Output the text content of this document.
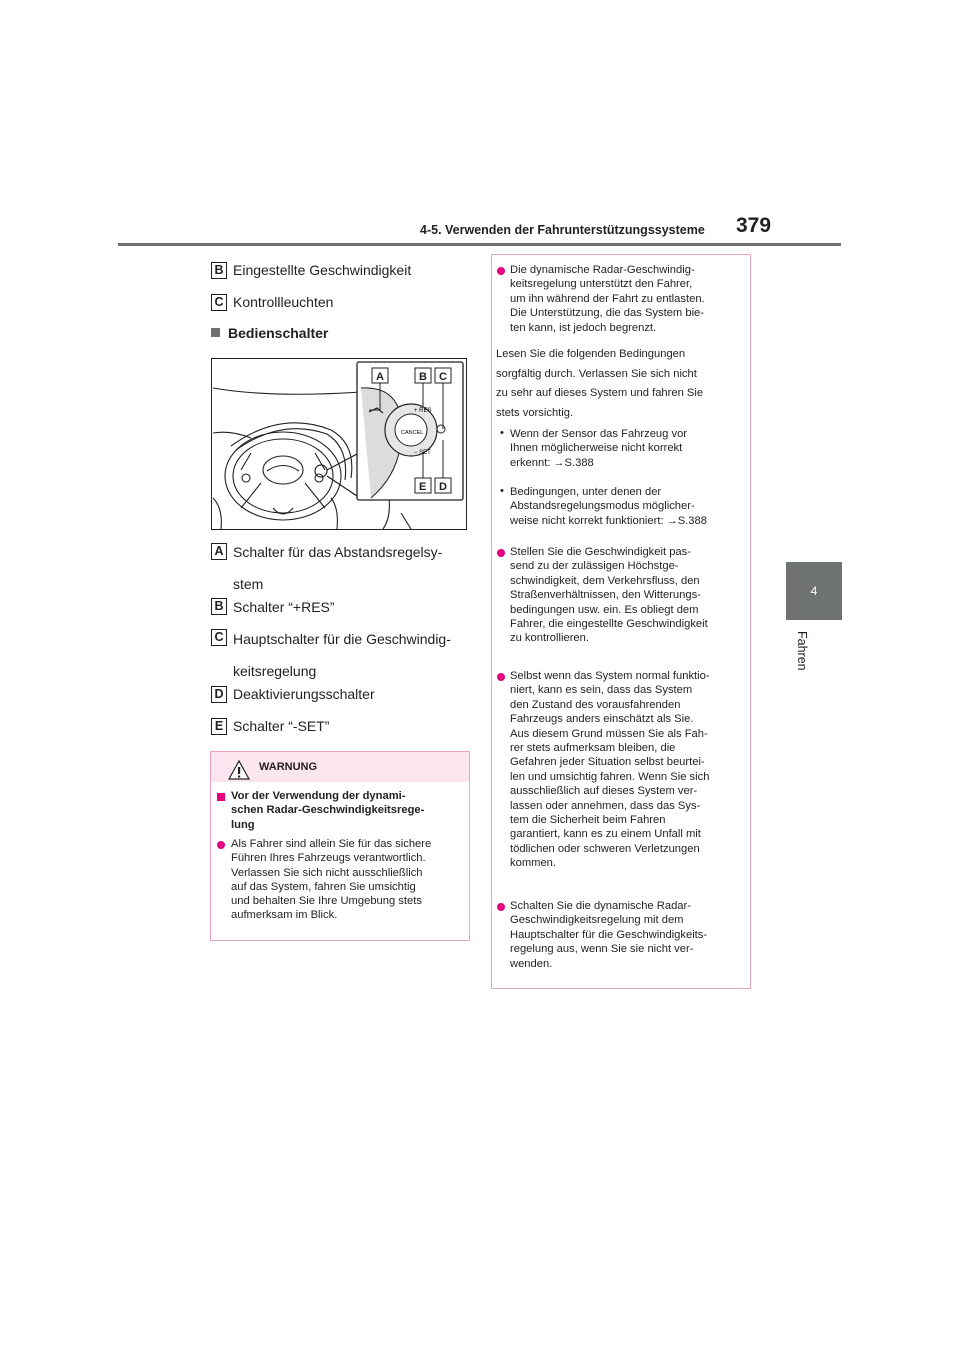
4-5. Verwenden der Fahrunterstützungssysteme 379
4
Fahren
B Eingestellte Geschwindigkeit
C Kontrollleuchten
Bedienschalter
CANCEL
+ RES
− SET
A	B C
E D
A Schalter für das Abstandsregelsy-
stem
B Schalter “+RES”
C Hauptschalter für die Geschwindig-
keitsregelung
D Deaktivierungsschalter
E Schalter “-SET”
WARNUNG
Vor der Verwendung der dynami-
schen Radar-Geschwindigkeitsrege-
lung
Als Fahrer sind allein Sie für das sichere
Führen Ihres Fahrzeugs verantwortlich.
Verlassen Sie sich nicht ausschließlich
auf das System, fahren Sie umsichtig
und behalten Sie Ihre Umgebung stets
aufmerksam im Blick.
Die dynamische Radar-Geschwindig-
keitsregelung unterstützt den Fahrer,
um ihn während der Fahrt zu entlasten.
Die Unterstützung, die das System bie-
ten kann, ist jedoch begrenzt.
Lesen Sie die folgenden Bedingungen
sorgfältig durch. Verlassen Sie sich nicht
zu sehr auf dieses System und fahren Sie
stets vorsichtig.
• Wenn der Sensor das Fahrzeug vor
Ihnen möglicherweise nicht korrekt
erkennt: →S.388
• Bedingungen, unter denen der
Abstandsregelungsmodus möglicher-
weise nicht korrekt funktioniert: →S.388
Stellen Sie die Geschwindigkeit pas-
send zu der zulässigen Höchstge-
schwindigkeit, dem Verkehrsfluss, den
Straßenverhältnissen, den Witterungs-
bedingungen usw. ein. Es obliegt dem
Fahrer, die eingestellte Geschwindigkeit
zu kontrollieren.
Selbst wenn das System normal funktio-
niert, kann es sein, dass das System
den Zustand des vorausfahrenden
Fahrzeugs anders einschätzt als Sie.
Aus diesem Grund müssen Sie als Fah-
rer stets aufmerksam bleiben, die
Gefahren jeder Situation selbst beurtei-
len und umsichtig fahren. Wenn Sie sich
ausschließlich auf dieses System ver-
lassen oder annehmen, dass das Sys-
tem die Sicherheit beim Fahren
garantiert, kann es zu einem Unfall mit
tödlichen oder schweren Verletzungen
kommen.
Schalten Sie die dynamische Radar-
Geschwindigkeitsregelung mit dem
Hauptschalter für die Geschwindigkeits-
regelung aus, wenn Sie sie nicht ver-
wenden.
